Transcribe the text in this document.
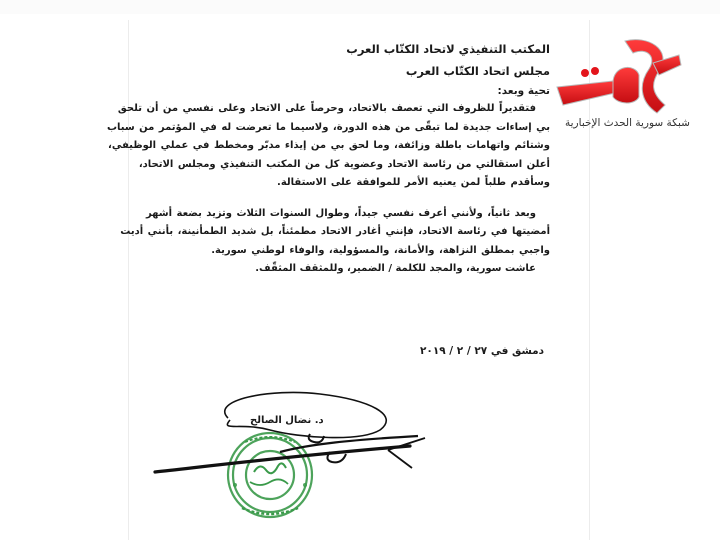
المكتب التنفيذي لاتحاد الكتّاب العرب
مجلس اتحاد الكتّاب العرب
تحية وبعد:
فتقديراً للظروف التي تعصف بالاتحاد، وحرصاً على الاتحاد وعلى نفسي من أن تلحق
بي إساءات جديدة لما تبقّى من هذه الدورة، ولاسيما ما تعرضت له في المؤتمر من سباب
وشتائم واتهامات باطلة وزائفة، وما لحق بي من إيذاء مدبّر ومخطط في عملي الوظيفي،
أعلن استقالتي من رئاسة الاتحاد وعضوية كل من المكتب التنفيذي ومجلس الاتحاد،
وسأقدم طلباً لمن يعنيه الأمر للموافقة على الاستقالة.
وبعد ثانياً، ولأنني أعرف نفسي جيداً، وطوال السنوات الثلاث وتزيد بضعة أشهر
أمضيتها في رئاسة الاتحاد، فإنني أغادر الاتحاد مطمئناً، بل شديد الطمأنينة، بأنني أديت
واجبي بمطلق النزاهة، والأمانة، والمسؤولية، والوفاء لوطني سورية.
عاشت سورية، والمجد للكلمة / الضمير، وللمثقف المثقّف.
دمشق في ٢٧ / ٢ / ٢٠١٩
د. نضال الصالح
شبكة سورية الحدث الإخبارية
